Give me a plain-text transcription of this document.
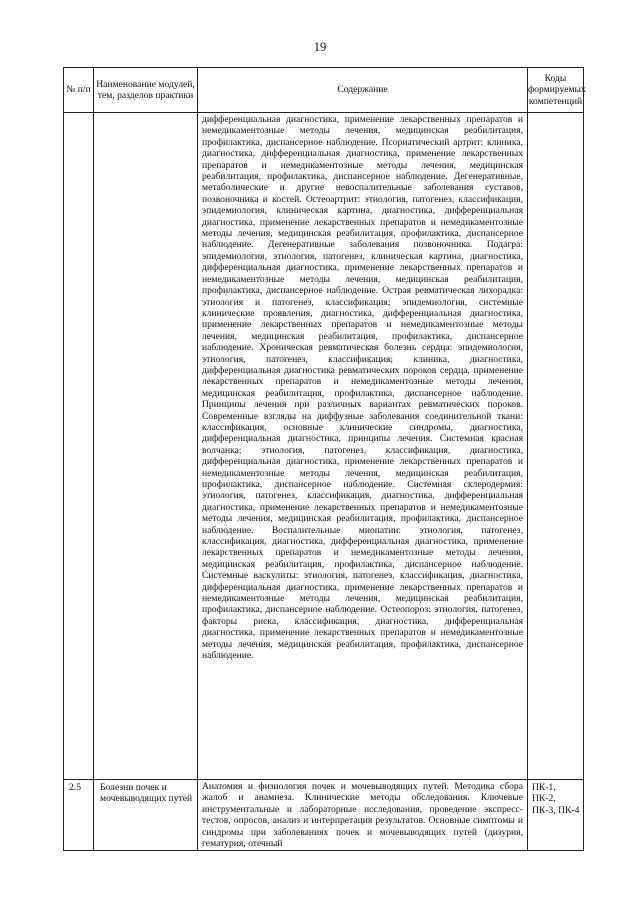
19
№ п/п	Наименование модулей, тем, разделов практики	Содержание	Коды формируемых компетенций
		дифференциальная диагностика, применение лекарственных препаратов и немедикаментозные методы лечения, медицинская реабилитация, профилактика, диспансерное наблюдение. Псориатический артрит: клиника, диагностика, дифференциальная диагностика, применение лекарственных препаратов и немедикаментозные методы лечения, медицинская реабилитация, профилактика, диспансерное наблюдение. Дегенеративные, метаболические и другие невоспалительные заболевания суставов, позвоночника и костей. Остеоартрит: этиология, патогенез, классификация, эпидемиология, клиническая картина, диагностика, дифференциальная диагностика, применение лекарственных препаратов и немедикаментозные методы лечения, медицинская реабилитация, профилактика, диспансерное наблюдение. Дегенеративные заболевания позвоночника. Подагра: эпидемиология, этиология, патогенез, клиническая картина, диагностика, дифференциальная диагностика, применение лекарственных препаратов и немедикаментозные методы лечения, медицинская реабилитация, профилактика, диспансерное наблюдение. Острая ревматическая лихорадка: этиология и патогенез, классификация; эпидемиология, системные клинические проявления, диагностика, дифференциальная диагностика, применение лекарственных препаратов и немедикаментозные методы лечения, медицинская реабилитация, профилактика, диспансерное наблюдение. Хроническая ревматическая болезнь сердца: эпидемиология, этиология, патогенез, классификация; клиника, диагностика, дифференциальная диагностика ревматических пороков сердца, применение лекарственных препаратов и немедикаментозные методы лечения, медицинская реабилитация, профилактика, диспансерное наблюдение. Принципы лечения при различных вариантах ревматических пороков. Современные взгляды на диффузные заболевания соединительной ткани: классификация, основные клинические синдромы, диагностика, дифференциальная диагностика, принципы лечения. Системная красная волчанка: этиология, патогенез, классификация, диагностика, дифференциальная диагностика, применение лекарственных препаратов и немедикаментозные методы лечения, медицинская реабилитация, профилактика, диспансерное наблюдение. Системная склеродермия: этиология, патогенез, классификация, диагностика, дифференциальная диагностика, применение лекарственных препаратов и немедикаментозные методы лечения, медицинская реабилитация, профилактика, диспансерное наблюдение. Воспалительные миопатии: этиология, патогенез, классификация, диагностика, дифференциальная диагностика, применение лекарственных препаратов и немедикаментозные методы лечения, медицинская реабилитация, профилактика, диспансерное наблюдение. Системные васкулиты: этиология, патогенез, классификация, диагностика, дифференциальная диагностика, применение лекарственных препаратов и немедикаментозные методы лечения, медицинская реабилитация, профилактика, диспансерное наблюдение. Остеопороз: этиология, патогенез, факторы риска, классификация, диагностика, дифференциальная диагностика, применение лекарственных препаратов и немедикаментозные методы лечения, медицинская реабилитация, профилактика, диспансерное наблюдение.	
2.5	Болезни почек и мочевыводящих путей	Анатомия и физиология почек и мочевыводящих путей. Методика сбора жалоб и анамнеза. Клинические методы обследования. Ключевые инструментальные и лабораторные исследования, проведение экспресс-тестов, опросов, анализ и интерпретация результатов. Основные симптомы и синдромы при заболеваниях почек и мочевыводящих путей (дизурия, гематурия, отечный	ПК-1, ПК-2, ПК-3, ПК-4
